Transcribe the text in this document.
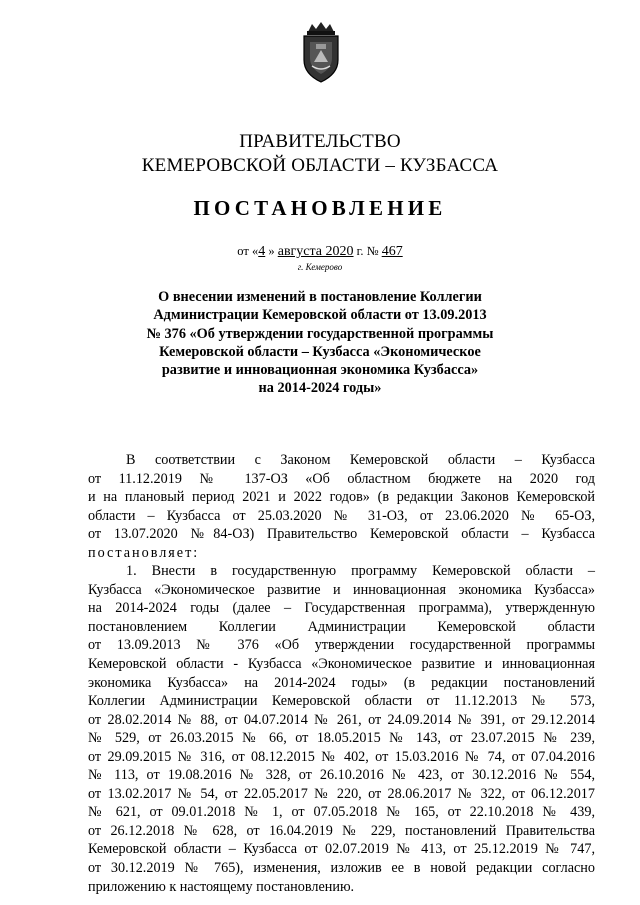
ПРАВИТЕЛЬСТВО
КЕМЕРОВСКОЙ ОБЛАСТИ – КУЗБАССА
ПОСТАНОВЛЕНИЕ
от «4 » августа 2020 г. № 467
г. Кемерово
О внесении изменений в постановление Коллегии
Администрации Кемеровской области от 13.09.2013
№ 376 «Об утверждении государственной программы
Кемеровской области – Кузбасса «Экономическое
развитие и инновационная экономика Кузбасса»
на 2014-2024 годы»
В соответствии с Законом Кемеровской области – Кузбасса
от 11.12.2019 № 137-ОЗ «Об областном бюджете на 2020 год
и на плановый период 2021 и 2022 годов» (в редакции Законов Кемеровской
области – Кузбасса от 25.03.2020 № 31-ОЗ, от 23.06.2020 № 65-ОЗ,
от 13.07.2020 №84-ОЗ) Правительство Кемеровской области – Кузбасса
постановляет:
1. Внести в государственную программу Кемеровской области –
Кузбасса «Экономическое развитие и инновационная экономика Кузбасса»
на 2014-2024 годы (далее – Государственная программа), утвержденную
постановлением Коллегии Администрации Кемеровской области
от 13.09.2013 № 376 «Об утверждении государственной программы
Кемеровской области - Кузбасса «Экономическое развитие и инновационная
экономика Кузбасса» на 2014-2024 годы» (в редакции постановлений
Коллегии Администрации Кемеровской области от 11.12.2013 № 573,
от 28.02.2014 № 88, от 04.07.2014 № 261, от 24.09.2014 № 391, от 29.12.2014
№ 529, от 26.03.2015 № 66, от 18.05.2015 № 143, от 23.07.2015 № 239,
от 29.09.2015 № 316, от 08.12.2015 № 402, от 15.03.2016 № 74, от 07.04.2016
№ 113, от 19.08.2016 № 328, от 26.10.2016 № 423, от 30.12.2016 № 554,
от 13.02.2017 № 54, от 22.05.2017 № 220, от 28.06.2017 № 322, от 06.12.2017
№ 621, от 09.01.2018 № 1, от 07.05.2018 № 165, от 22.10.2018 № 439,
от 26.12.2018 № 628, от 16.04.2019 № 229, постановлений Правительства
Кемеровской области – Кузбасса от 02.07.2019 № 413, от 25.12.2019 № 747,
от 30.12.2019 № 765), изменения, изложив ее в новой редакции согласно
приложению к настоящему постановлению.
